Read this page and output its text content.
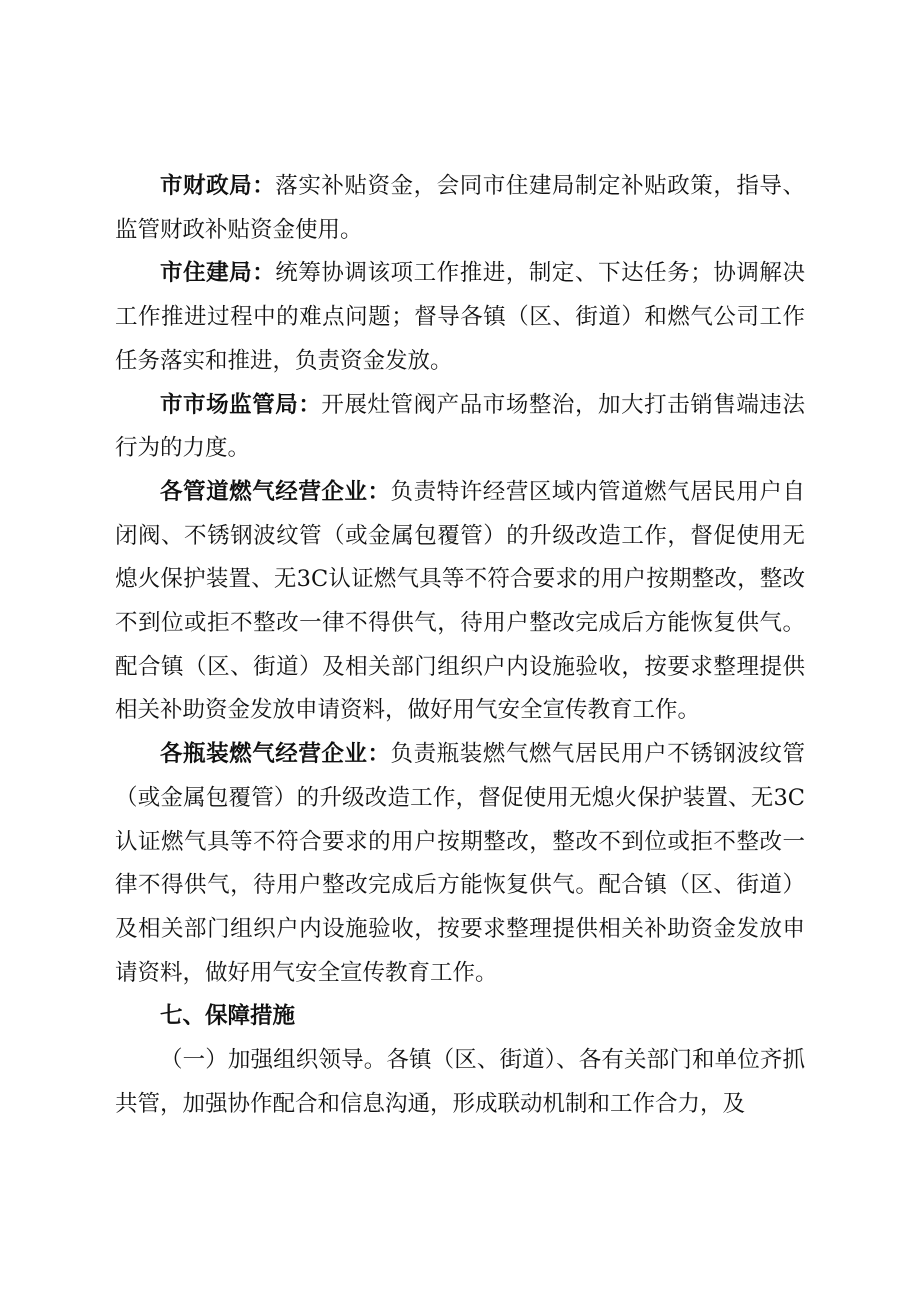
市财政局：落实补贴资金，会同市住建局制定补贴政策，指导、监管财政补贴资金使用。

市住建局：统筹协调该项工作推进，制定、下达任务；协调解决工作推进过程中的难点问题；督导各镇（区、街道）和燃气公司工作任务落实和推进，负责资金发放。

市市场监管局：开展灶管阀产品市场整治，加大打击销售端违法行为的力度。

各管道燃气经营企业：负责特许经营区域内管道燃气居民用户自闭阀、不锈钢波纹管（或金属包覆管）的升级改造工作，督促使用无熄火保护装置、无3C认证燃气具等不符合要求的用户按期整改，整改不到位或拒不整改一律不得供气，待用户整改完成后方能恢复供气。配合镇（区、街道）及相关部门组织户内设施验收，按要求整理提供相关补助资金发放申请资料，做好用气安全宣传教育工作。

各瓶装燃气经营企业：负责瓶装燃气燃气居民用户不锈钢波纹管（或金属包覆管）的升级改造工作，督促使用无熄火保护装置、无3C认证燃气具等不符合要求的用户按期整改，整改不到位或拒不整改一律不得供气，待用户整改完成后方能恢复供气。配合镇（区、街道）及相关部门组织户内设施验收，按要求整理提供相关补助资金发放申请资料，做好用气安全宣传教育工作。

七、保障措施

（一）加强组织领导。各镇（区、街道）、各有关部门和单位齐抓共管，加强协作配合和信息沟通，形成联动机制和工作合力，及
